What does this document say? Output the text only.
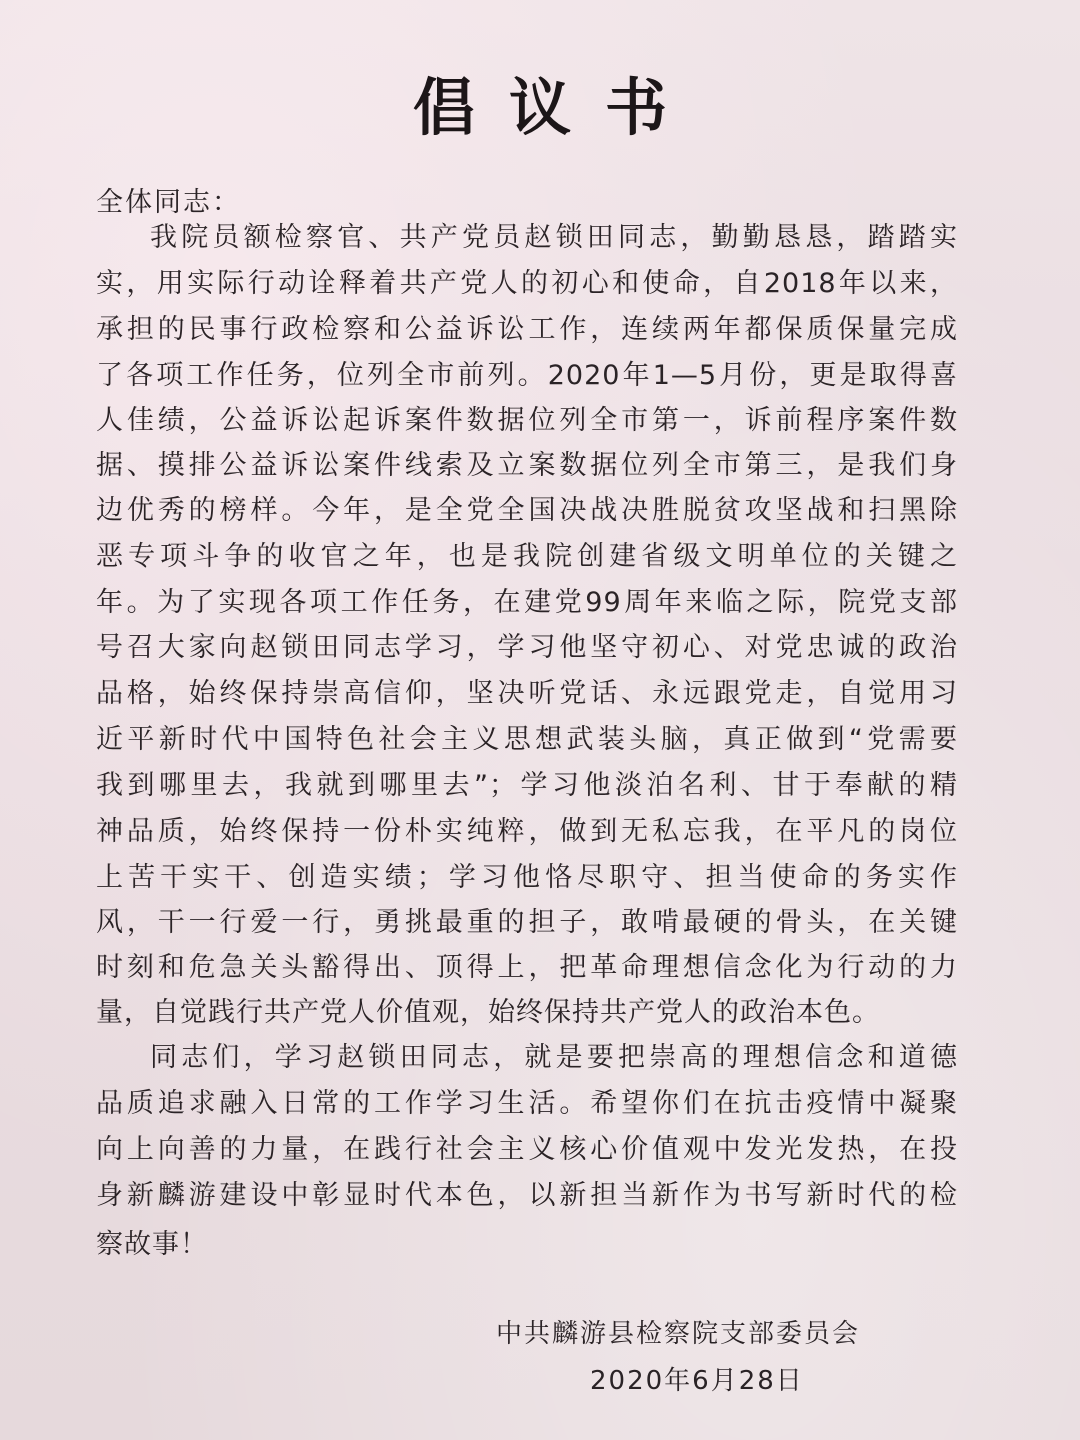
倡议书
全体同志：
我院员额检察官、共产党员赵锁田同志，勤勤恳恳，踏踏实
实，用实际行动诠释着共产党人的初心和使命，自2018年以来，
承担的民事行政检察和公益诉讼工作，连续两年都保质保量完成
了各项工作任务，位列全市前列。2020年1—5月份，更是取得喜
人佳绩，公益诉讼起诉案件数据位列全市第一，诉前程序案件数
据、摸排公益诉讼案件线索及立案数据位列全市第三，是我们身
边优秀的榜样。今年，是全党全国决战决胜脱贫攻坚战和扫黑除
恶专项斗争的收官之年，也是我院创建省级文明单位的关键之
年。为了实现各项工作任务，在建党99周年来临之际，院党支部
号召大家向赵锁田同志学习，学习他坚守初心、对党忠诚的政治
品格，始终保持崇高信仰，坚决听党话、永远跟党走，自觉用习
近平新时代中国特色社会主义思想武装头脑，真正做到“党需要
我到哪里去，我就到哪里去”；学习他淡泊名利、甘于奉献的精
神品质，始终保持一份朴实纯粹，做到无私忘我，在平凡的岗位
上苦干实干、创造实绩；学习他恪尽职守、担当使命的务实作
风，干一行爱一行，勇挑最重的担子，敢啃最硬的骨头，在关键
时刻和危急关头豁得出、顶得上，把革命理想信念化为行动的力
量，自觉践行共产党人价值观，始终保持共产党人的政治本色。
同志们，学习赵锁田同志，就是要把崇高的理想信念和道德
品质追求融入日常的工作学习生活。希望你们在抗击疫情中凝聚
向上向善的力量，在践行社会主义核心价值观中发光发热，在投
身新麟游建设中彰显时代本色，以新担当新作为书写新时代的检
察故事！
中共麟游县检察院支部委员会
2020年6月28日
